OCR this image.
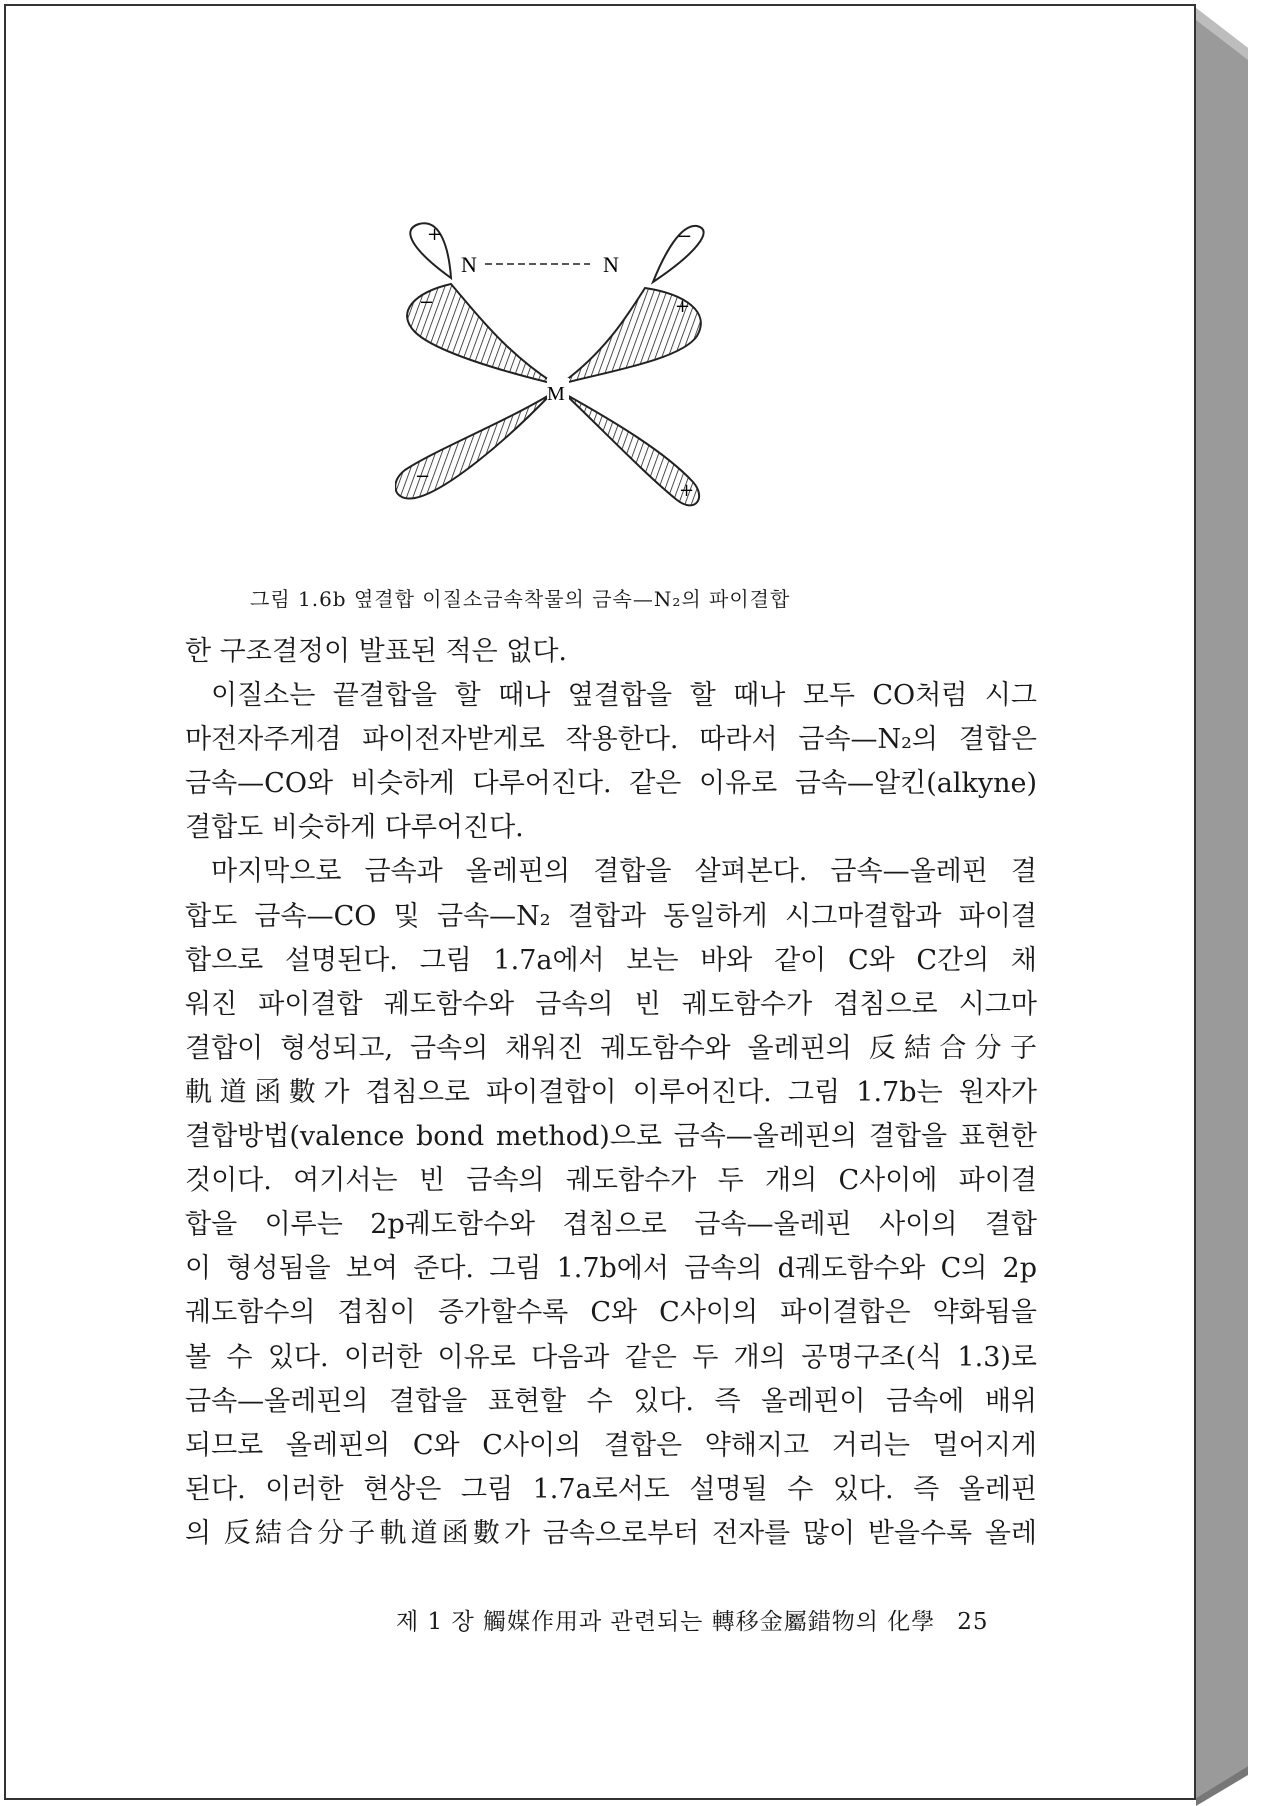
N	N
M
+	−
−	+
−
+
그림 1.6b 옆결합 이질소금속착물의 금속—N₂의 파이결합
한 구조결정이 발표된 적은 없다.
이질소는 끝결합을 할 때나 옆결합을 할 때나 모두 CO처럼 시그
마전자주게겸 파이전자받게로 작용한다. 따라서 금속—N₂의 결합은
금속—CO와 비슷하게 다루어진다. 같은 이유로 금속—알킨(alkyne)
결합도 비슷하게 다루어진다.
마지막으로 금속과 올레핀의 결합을 살펴본다. 금속—올레핀 결
합도 금속—CO 및 금속—N₂ 결합과 동일하게 시그마결합과 파이결
합으로 설명된다. 그림 1.7a에서 보는 바와 같이 C와 C간의 채
워진 파이결합 궤도함수와 금속의 빈 궤도함수가 겹침으로 시그마
결합이 형성되고, 금속의 채워진 궤도함수와 올레핀의 反結合分子
軌道函數가 겹침으로 파이결합이 이루어진다. 그림 1.7b는 원자가
결합방법(valence bond method)으로 금속—올레핀의 결합을 표현한
것이다. 여기서는 빈 금속의 궤도함수가 두 개의 C사이에 파이결
합을 이루는 2p궤도함수와 겹침으로 금속—올레핀 사이의 결합
이 형성됨을 보여 준다. 그림 1.7b에서 금속의 d궤도함수와 C의 2p
궤도함수의 겹침이 증가할수록 C와 C사이의 파이결합은 약화됨을
볼 수 있다. 이러한 이유로 다음과 같은 두 개의 공명구조(식 1.3)로
금속—올레핀의 결합을 표현할 수 있다. 즉 올레핀이 금속에 배위
되므로 올레핀의 C와 C사이의 결합은 약해지고 거리는 멀어지게
된다. 이러한 현상은 그림 1.7a로서도 설명될 수 있다. 즉 올레핀
의 反結合分子軌道函數가 금속으로부터 전자를 많이 받을수록 올레
제 1 장 觸媒作用과 관련되는 轉移金屬錯物의 化學 25
